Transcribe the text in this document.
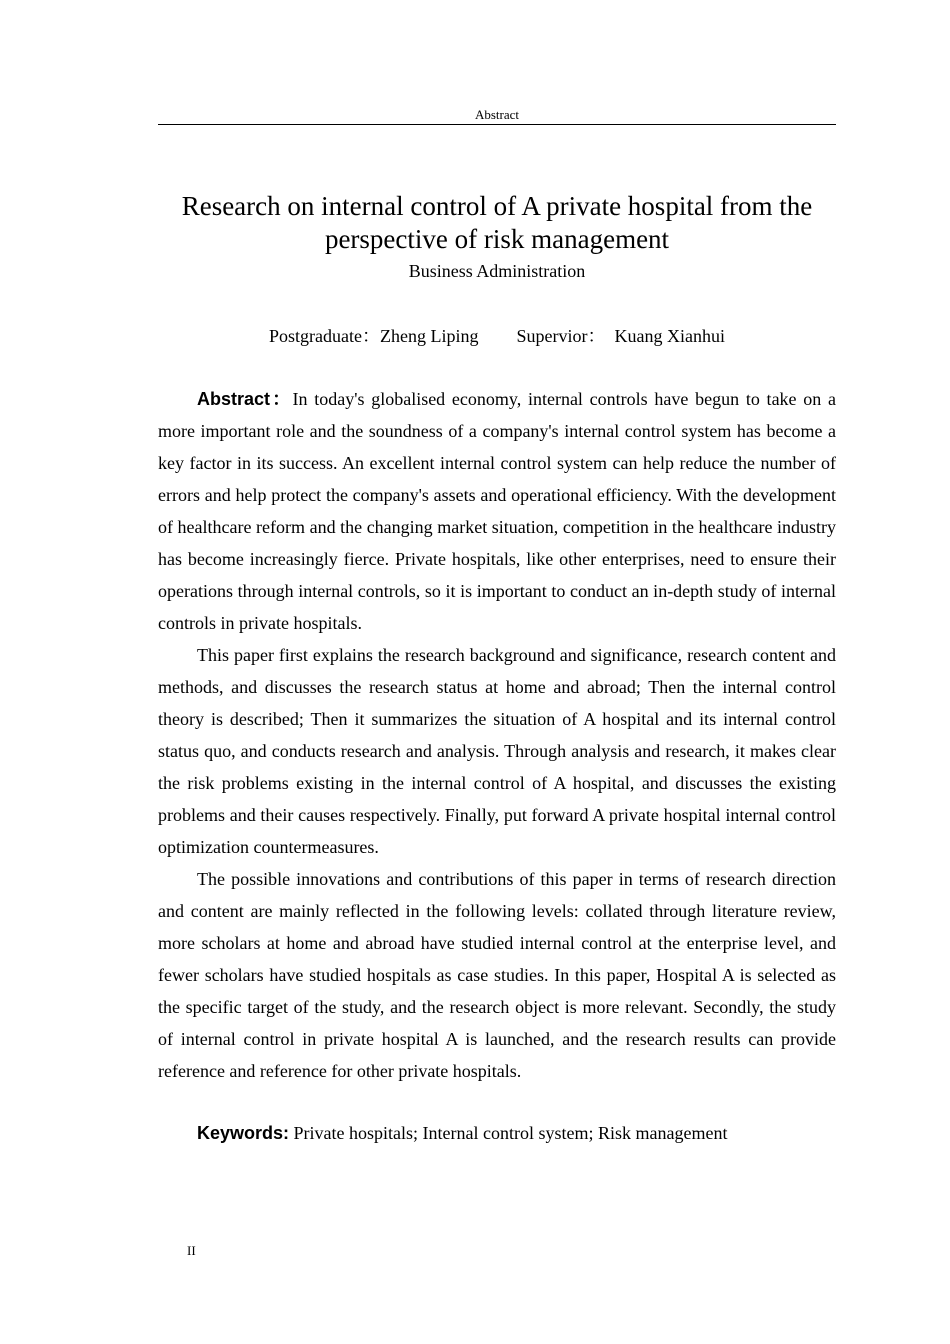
Abstract
Research on internal control of A private hospital from the
perspective of risk management
Business Administration
Postgraduate：Zheng Liping Supervior： Kuang Xianhui

Abstract：In today's globalised economy, internal controls have begun to take on a more important role and the soundness of a company's internal control system has become a key factor in its success. An excellent internal control system can help reduce the number of errors and help protect the company's assets and operational efficiency. With the development of healthcare reform and the changing market situation, competition in the healthcare industry has become increasingly fierce. Private hospitals, like other enterprises, need to ensure their operations through internal controls, so it is important to conduct an in-depth study of internal controls in private hospitals.

This paper first explains the research background and significance, research content and methods, and discusses the research status at home and abroad; Then the internal control theory is described; Then it summarizes the situation of A hospital and its internal control status quo, and conducts research and analysis. Through analysis and research, it makes clear the risk problems existing in the internal control of A hospital, and discusses the existing problems and their causes respectively. Finally, put forward A private hospital internal control optimization countermeasures.

The possible innovations and contributions of this paper in terms of research direction and content are mainly reflected in the following levels: collated through literature review, more scholars at home and abroad have studied internal control at the enterprise level, and fewer scholars have studied hospitals as case studies. In this paper, Hospital A is selected as the specific target of the study, and the research object is more relevant. Secondly, the study of internal control in private hospital A is launched, and the research results can provide reference and reference for other private hospitals.

Keywords: Private hospitals; Internal control system; Risk management
II
